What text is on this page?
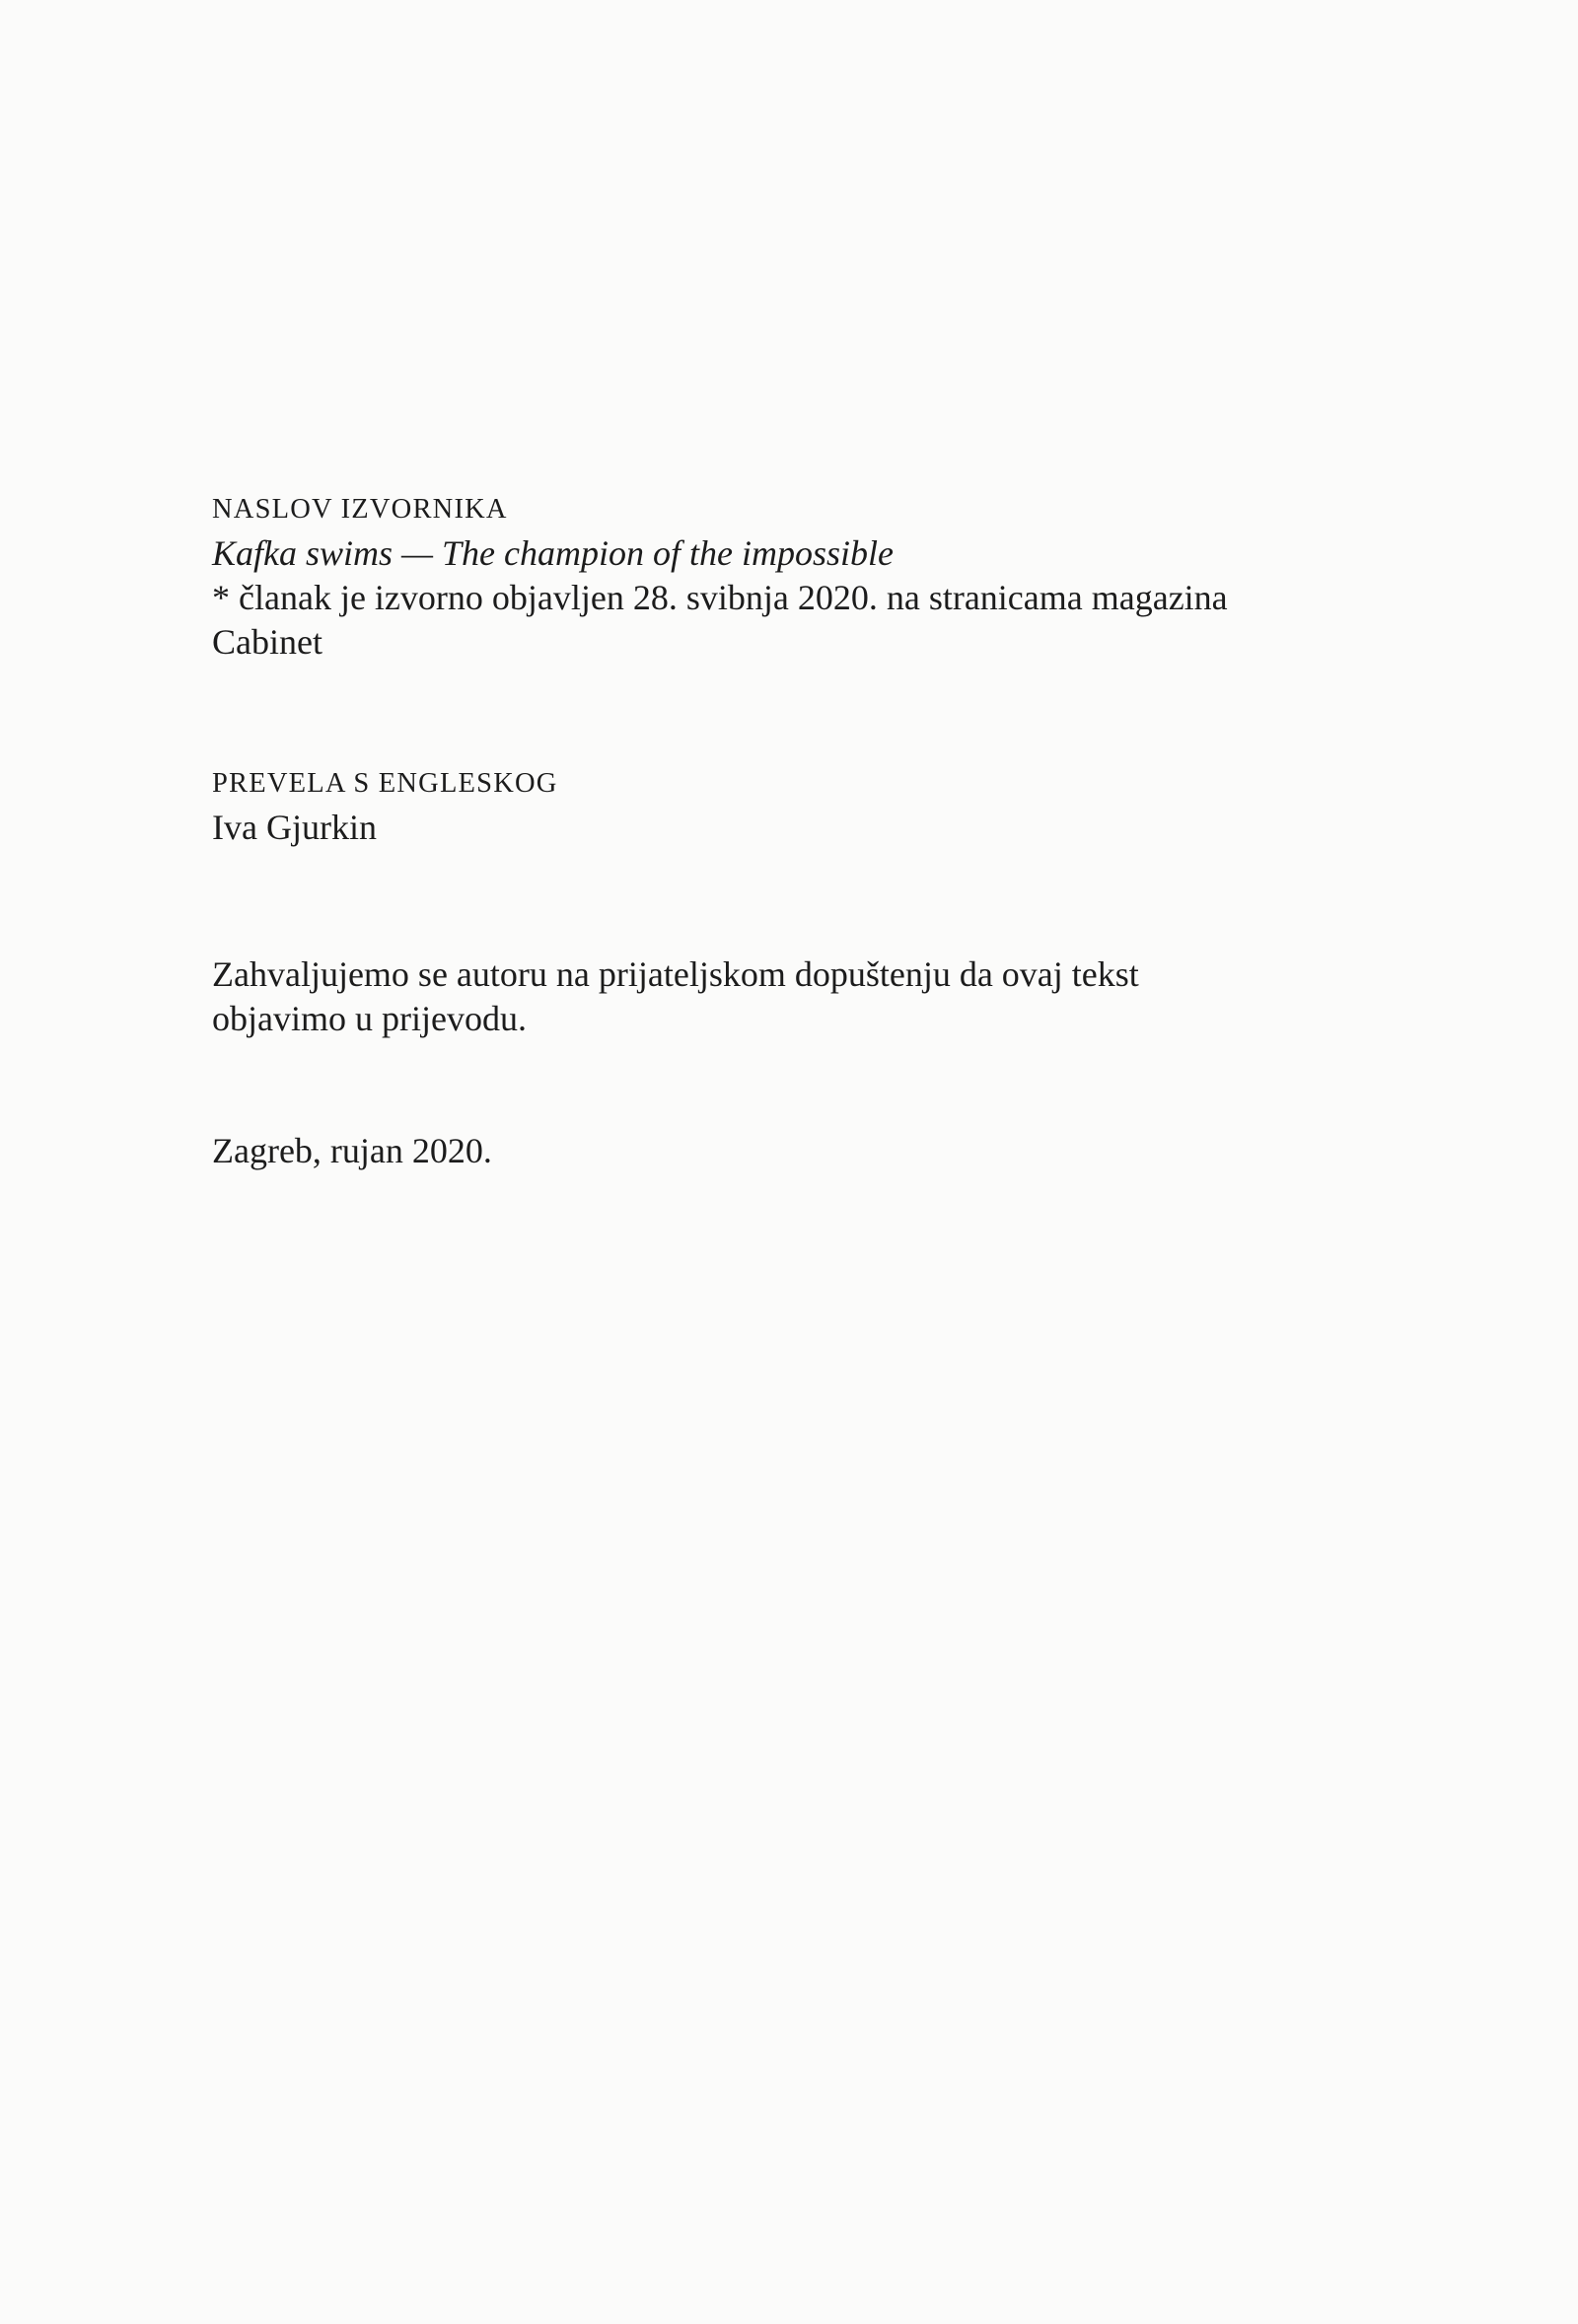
NASLOV IZVORNIKA

Kafka swims — The champion of the impossible

* članak je izvorno objavljen 28. svibnja 2020. na stranicama magazina

Cabinet

PREVELA S ENGLESKOG

Iva Gjurkin

Zahvaljujemo se autoru na prijateljskom dopuštenju da ovaj tekst

objavimo u prijevodu.

Zagreb, rujan 2020.
